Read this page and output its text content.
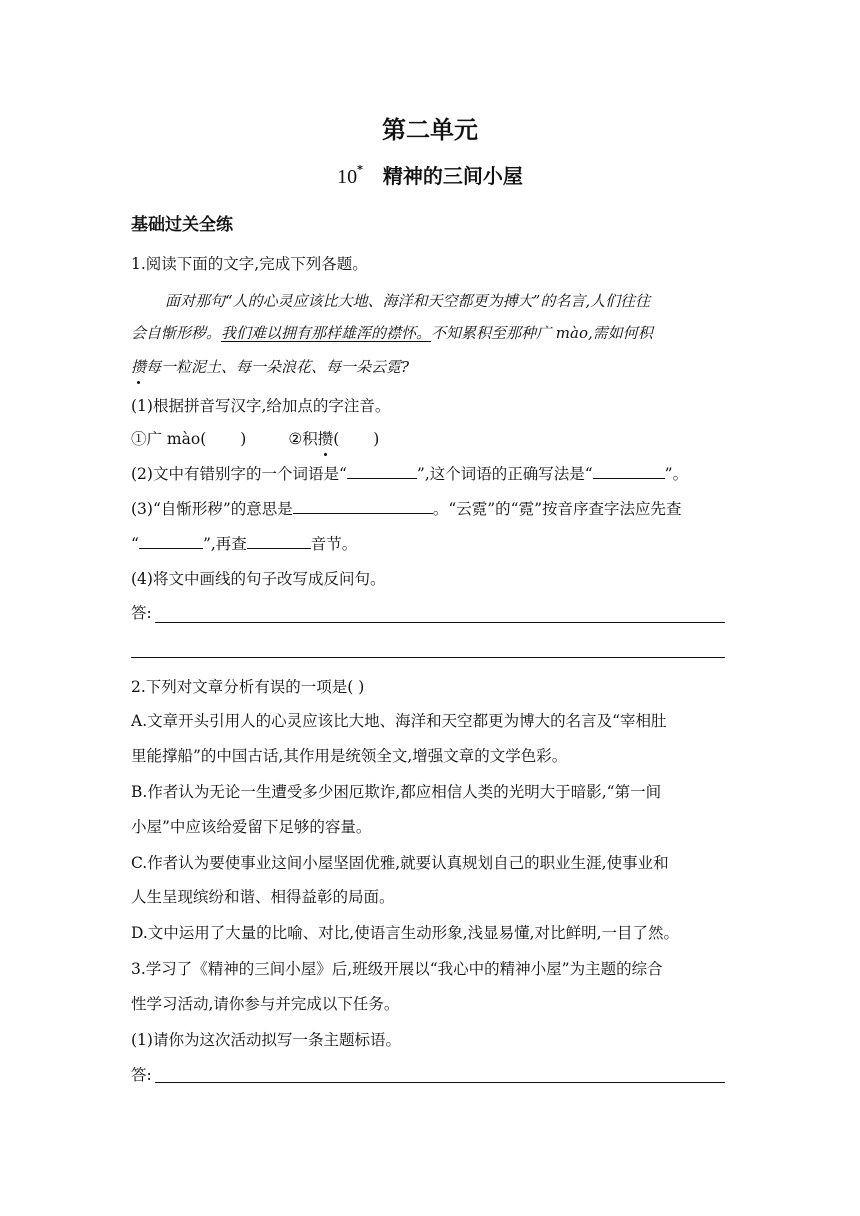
第二单元
10* 精神的三间小屋
基础过关全练
1.阅读下面的文字,完成下列各题。
面对那句“人的心灵应该比大地、海洋和天空都更为搏大”的名言,人们往往
会自惭形秽。我们难以拥有那样雄浑的襟怀。不知累积至那种广 mào,需如何积
攒每一粒泥土、每一朵浪花、每一朵云霓?
(1)根据拼音写汉字,给加点的字注音。
①广 mào( )	②积攒( )
(2)文中有错别字的一个词语是“	”,这个词语的正确写法是“	”。
(3)“自惭形秽”的意思是	。“云霓”的“霓”按音序查字法应先查
“	”,再查	音节。
(4)将文中画线的句子改写成反问句。
答:
2.下列对文章分析有误的一项是( )
A.文章开头引用人的心灵应该比大地、海洋和天空都更为博大的名言及“宰相肚
里能撑船”的中国古话,其作用是统领全文,增强文章的文学色彩。
B.作者认为无论一生遭受多少困厄欺诈,都应相信人类的光明大于暗影,“第一间
小屋”中应该给爱留下足够的容量。
C.作者认为要使事业这间小屋坚固优雅,就要认真规划自己的职业生涯,使事业和
人生呈现缤纷和谐、相得益彰的局面。
D.文中运用了大量的比喻、对比,使语言生动形象,浅显易懂,对比鲜明,一目了然。
3.学习了《精神的三间小屋》后,班级开展以“我心中的精神小屋”为主题的综合
性学习活动,请你参与并完成以下任务。
(1)请你为这次活动拟写一条主题标语。
答:
